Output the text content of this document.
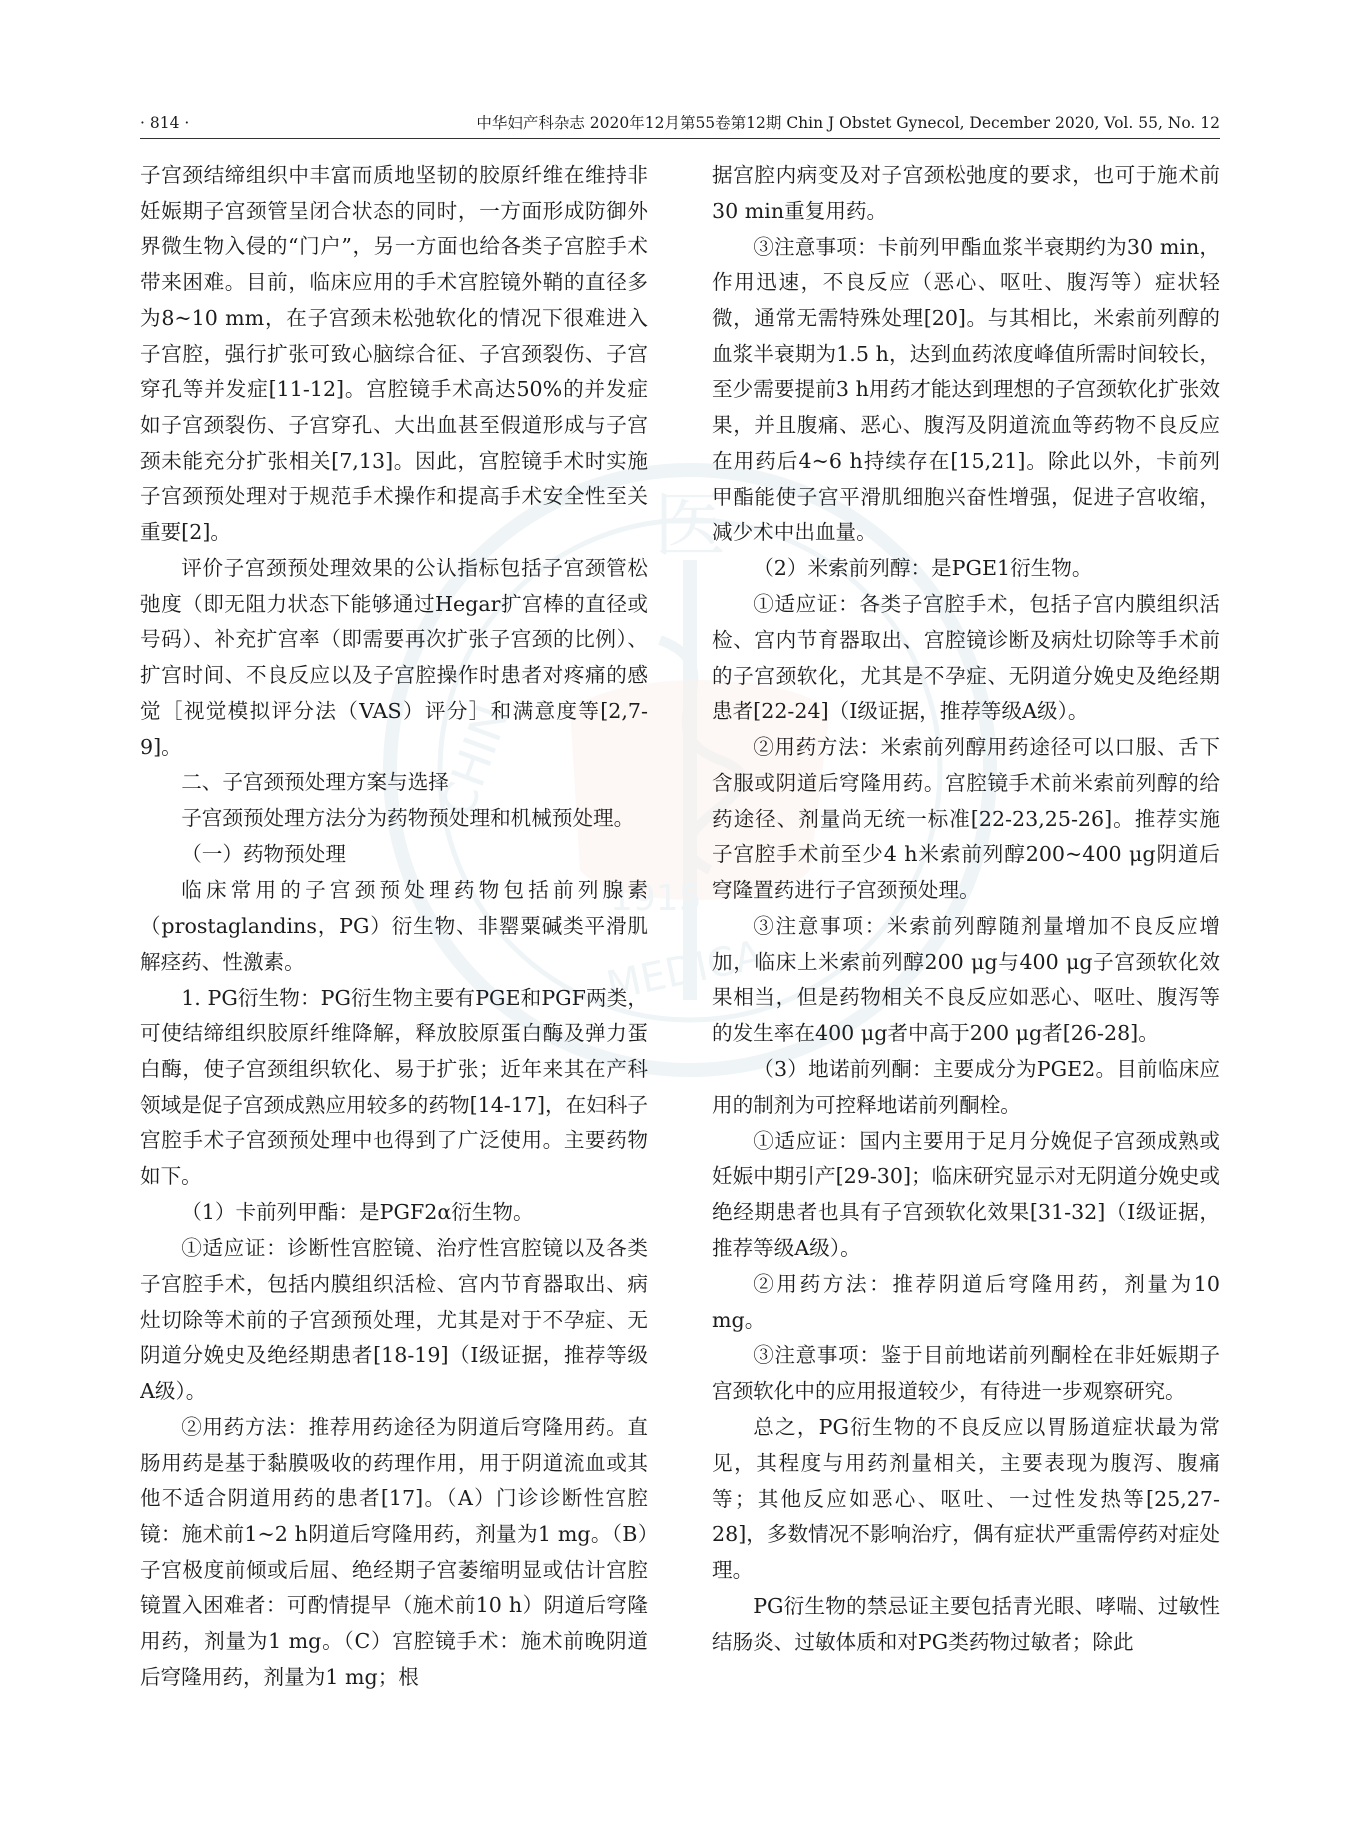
· 814 ·	中华妇产科杂志 2020年12月第55卷第12期 Chin J Obstet Gynecol, December 2020, Vol. 55, No. 12
医
CHIN
1915
MEDICA

子宫颈结缔组织中丰富而质地坚韧的胶原纤维在维持非妊娠期子宫颈管呈闭合状态的同时，一方面形成防御外界微生物入侵的“门户”，另一方面也给各类子宫腔手术带来困难。目前，临床应用的手术宫腔镜外鞘的直径多为8~10 mm，在子宫颈未松弛软化的情况下很难进入子宫腔，强行扩张可致心脑综合征、子宫颈裂伤、子宫穿孔等并发症[11-12]。宫腔镜手术高达50%的并发症如子宫颈裂伤、子宫穿孔、大出血甚至假道形成与子宫颈未能充分扩张相关[7,13]。因此，宫腔镜手术时实施子宫颈预处理对于规范手术操作和提高手术安全性至关重要[2]。

评价子宫颈预处理效果的公认指标包括子宫颈管松弛度（即无阻力状态下能够通过Hegar扩宫棒的直径或号码）、补充扩宫率（即需要再次扩张子宫颈的比例）、扩宫时间、不良反应以及子宫腔操作时患者对疼痛的感觉［视觉模拟评分法（VAS）评分］和满意度等[2,7-9]。

二、子宫颈预处理方案与选择

子宫颈预处理方法分为药物预处理和机械预处理。

（一）药物预处理

临床常用的子宫颈预处理药物包括前列腺素（prostaglandins，PG）衍生物、非罂粟碱类平滑肌解痉药、性激素。

1. PG衍生物：PG衍生物主要有PGE和PGF两类，可使结缔组织胶原纤维降解，释放胶原蛋白酶及弹力蛋白酶，使子宫颈组织软化、易于扩张；近年来其在产科领域是促子宫颈成熟应用较多的药物[14-17]，在妇科子宫腔手术子宫颈预处理中也得到了广泛使用。主要药物如下。

（1）卡前列甲酯：是PGF2α衍生物。

①适应证：诊断性宫腔镜、治疗性宫腔镜以及各类子宫腔手术，包括内膜组织活检、宫内节育器取出、病灶切除等术前的子宫颈预处理，尤其是对于不孕症、无阴道分娩史及绝经期患者[18-19]（Ⅰ级证据，推荐等级A级）。

②用药方法：推荐用药途径为阴道后穹隆用药。直肠用药是基于黏膜吸收的药理作用，用于阴道流血或其他不适合阴道用药的患者[17]。（A）门诊诊断性宫腔镜：施术前1~2 h阴道后穹隆用药，剂量为1 mg。（B）子宫极度前倾或后屈、绝经期子宫萎缩明显或估计宫腔镜置入困难者：可酌情提早（施术前10 h）阴道后穹隆用药，剂量为1 mg。（C）宫腔镜手术：施术前晚阴道后穹隆用药，剂量为1 mg；根

据宫腔内病变及对子宫颈松弛度的要求，也可于施术前30 min重复用药。

③注意事项：卡前列甲酯血浆半衰期约为30 min，作用迅速，不良反应（恶心、呕吐、腹泻等）症状轻微，通常无需特殊处理[20]。与其相比，米索前列醇的血浆半衰期为1.5 h，达到血药浓度峰值所需时间较长，至少需要提前3 h用药才能达到理想的子宫颈软化扩张效果，并且腹痛、恶心、腹泻及阴道流血等药物不良反应在用药后4~6 h持续存在[15,21]。除此以外，卡前列甲酯能使子宫平滑肌细胞兴奋性增强，促进子宫收缩，减少术中出血量。

（2）米索前列醇：是PGE1衍生物。

①适应证：各类子宫腔手术，包括子宫内膜组织活检、宫内节育器取出、宫腔镜诊断及病灶切除等手术前的子宫颈软化，尤其是不孕症、无阴道分娩史及绝经期患者[22-24]（Ⅰ级证据，推荐等级A级）。

②用药方法：米索前列醇用药途径可以口服、舌下含服或阴道后穹隆用药。宫腔镜手术前米索前列醇的给药途径、剂量尚无统一标准[22-23,25-26]。推荐实施子宫腔手术前至少4 h米索前列醇200~400 μg阴道后穹隆置药进行子宫颈预处理。

③注意事项：米索前列醇随剂量增加不良反应增加，临床上米索前列醇200 μg与400 μg子宫颈软化效果相当，但是药物相关不良反应如恶心、呕吐、腹泻等的发生率在400 μg者中高于200 μg者[26-28]。

（3）地诺前列酮：主要成分为PGE2。目前临床应用的制剂为可控释地诺前列酮栓。

①适应证：国内主要用于足月分娩促子宫颈成熟或妊娠中期引产[29-30]；临床研究显示对无阴道分娩史或绝经期患者也具有子宫颈软化效果[31-32]（Ⅰ级证据，推荐等级A级）。

②用药方法：推荐阴道后穹隆用药，剂量为10 mg。

③注意事项：鉴于目前地诺前列酮栓在非妊娠期子宫颈软化中的应用报道较少，有待进一步观察研究。

总之，PG衍生物的不良反应以胃肠道症状最为常见，其程度与用药剂量相关，主要表现为腹泻、腹痛等；其他反应如恶心、呕吐、一过性发热等[25,27-28]，多数情况不影响治疗，偶有症状严重需停药对症处理。

PG衍生物的禁忌证主要包括青光眼、哮喘、过敏性结肠炎、过敏体质和对PG类药物过敏者；除此
